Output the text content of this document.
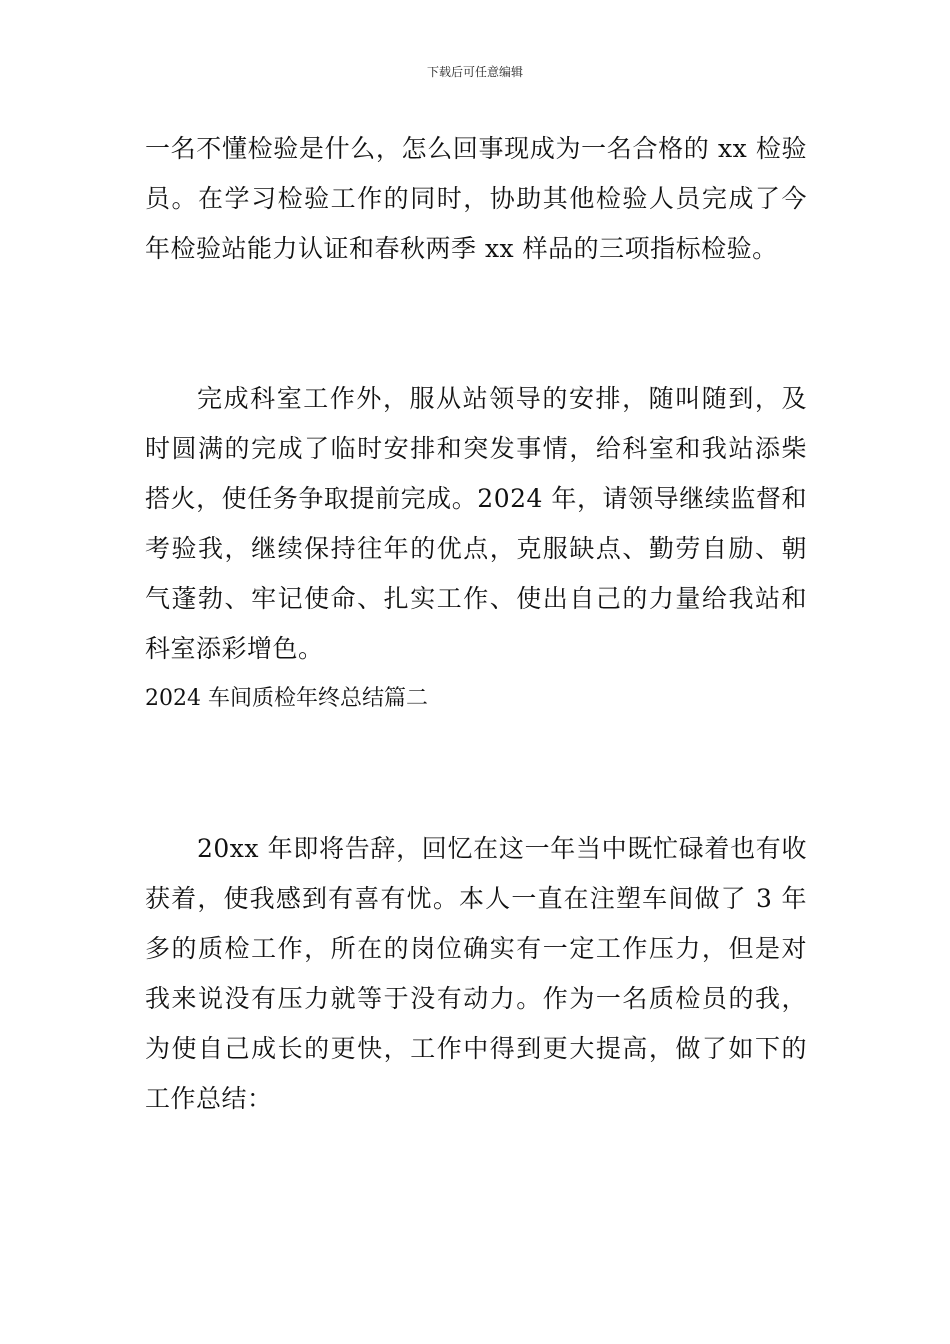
下载后可任意编辑

一名不懂检验是什么，怎么回事现成为一名合格的 xx 检验员。在学习检验工作的同时，协助其他检验人员完成了今年检验站能力认证和春秋两季 xx 样品的三项指标检验。

完成科室工作外，服从站领导的安排，随叫随到，及时圆满的完成了临时安排和突发事情，给科室和我站添柴搭火，使任务争取提前完成。2024 年，请领导继续监督和考验我，继续保持往年的优点，克服缺点、勤劳自励、朝气蓬勃、牢记使命、扎实工作、使出自己的力量给我站和科室添彩增色。

2024 车间质检年终总结篇二

20xx 年即将告辞，回忆在这一年当中既忙碌着也有收获着，使我感到有喜有忧。本人一直在注塑车间做了 3 年多的质检工作，所在的岗位确实有一定工作压力，但是对我来说没有压力就等于没有动力。作为一名质检员的我，为使自己成长的更快，工作中得到更大提高，做了如下的工作总结：
